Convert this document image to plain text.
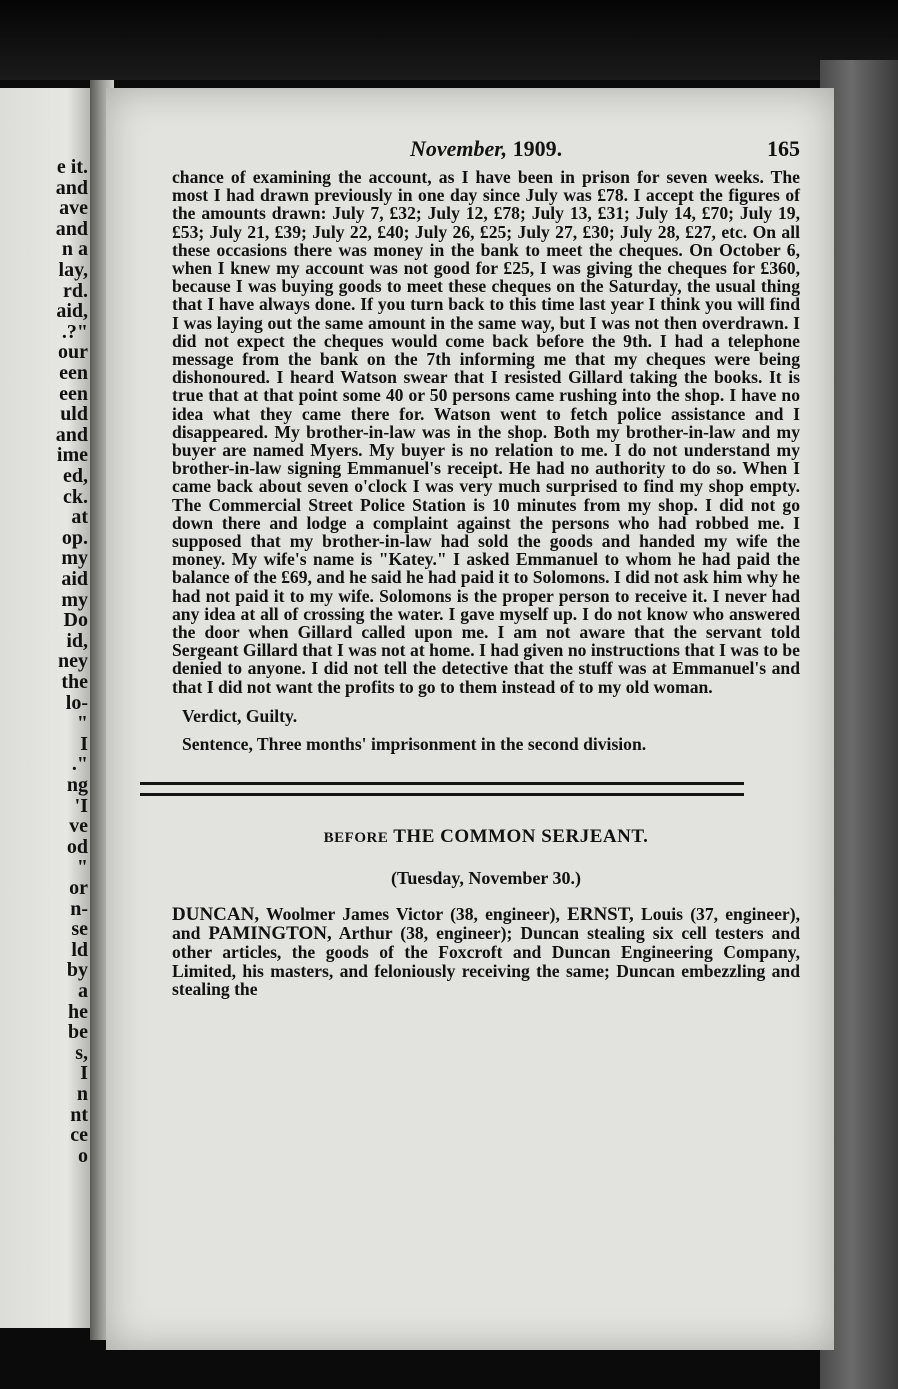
e it.
and
ave
and
n a
lay,
rd.
aid,
.?"
our
een
een
uld
and
ime
ed,
ck.
at
op.
my
aid
my
Do
id,
ney
the
lo-
"
I
."
ng
'I
ve
od
"
or
n-
se
ld
by
a
he
be
s,
I
n
nt
ce
o
November, 1909.	165

chance of examining the account, as I have been in prison for seven weeks. The most I had drawn previously in one day since July was £78. I accept the figures of the amounts drawn: July 7, £32; July 12, £78; July 13, £31; July 14, £70; July 19, £53; July 21, £39; July 22, £40; July 26, £25; July 27, £30; July 28, £27, etc. On all these occasions there was money in the bank to meet the cheques. On October 6, when I knew my account was not good for £25, I was giving the cheques for £360, because I was buying goods to meet these cheques on the Saturday, the usual thing that I have always done. If you turn back to this time last year I think you will find I was laying out the same amount in the same way, but I was not then overdrawn. I did not expect the cheques would come back before the 9th. I had a telephone message from the bank on the 7th informing me that my cheques were being dishonoured. I heard Watson swear that I resisted Gillard taking the books. It is true that at that point some 40 or 50 persons came rushing into the shop. I have no idea what they came there for. Watson went to fetch police assistance and I disappeared. My brother-in-law was in the shop. Both my brother-in-law and my buyer are named Myers. My buyer is no relation to me. I do not understand my brother-in-law signing Emmanuel's receipt. He had no authority to do so. When I came back about seven o'clock I was very much surprised to find my shop empty. The Commercial Street Police Station is 10 minutes from my shop. I did not go down there and lodge a complaint against the persons who had robbed me. I supposed that my brother-in-law had sold the goods and handed my wife the money. My wife's name is "Katey." I asked Emmanuel to whom he had paid the balance of the £69, and he said he had paid it to Solomons. I did not ask him why he had not paid it to my wife. Solomons is the proper person to receive it. I never had any idea at all of crossing the water. I gave myself up. I do not know who answered the door when Gillard called upon me. I am not aware that the servant told Sergeant Gillard that I was not at home. I had given no instructions that I was to be denied to anyone. I did not tell the detective that the stuff was at Emmanuel's and that I did not want the profits to go to them instead of to my old woman.

Verdict, Guilty.

Sentence, Three months' imprisonment in the second division.

BEFORE THE COMMON SERJEANT.
(Tuesday, November 30.)

DUNCAN, Woolmer James Victor (38, engineer), ERNST, Louis (37, engineer), and PAMINGTON, Arthur (38, engineer); Duncan stealing six cell testers and other articles, the goods of the Foxcroft and Duncan Engineering Company, Limited, his masters, and feloniously receiving the same; Duncan embezzling and stealing the
